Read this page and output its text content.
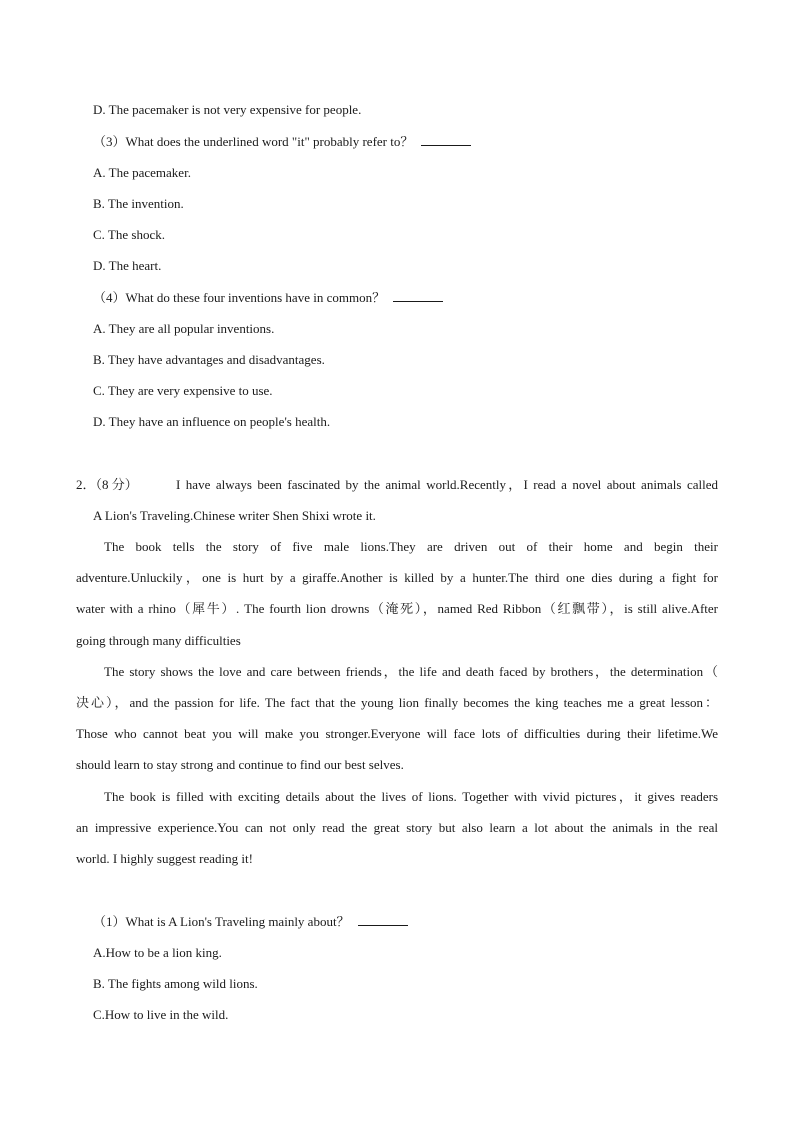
D. The pacemaker is not very expensive for people.
（3）What does the underlined word "it" probably refer to？
A. The pacemaker.
B. The invention.
C. The shock.
D. The heart.
（4）What do these four inventions have in common？
A. They are all popular inventions.
B. They have advantages and disadvantages.
C. They are very expensive to use.
D. They have an influence on people's health.
2．（8 分）	I have always been fascinated by the animal world.Recently，I read a novel about animals called
A Lion's Traveling.Chinese writer Shen Shixi wrote it.
The book tells the story of five male lions.They are driven out of their home and begin their
adventure.Unluckily，one is hurt by a giraffe.Another is killed by a hunter.The third one dies during a fight for
water with a rhino（犀牛）. The fourth lion drowns（淹死），named Red Ribbon（红飘带），is still alive.After
going through many difficulties
The story shows the love and care between friends，the life and death faced by brothers，the determination（
决心），and the passion for life. The fact that the young lion finally becomes the king teaches me a great lesson：
Those who cannot beat you will make you stronger.Everyone will face lots of difficulties during their lifetime.We
should learn to stay strong and continue to find our best selves.
The book is filled with exciting details about the lives of lions. Together with vivid pictures，it gives readers
an impressive experience.You can not only read the great story but also learn a lot about the animals in the real
world. I highly suggest reading it!
（1）What is A Lion's Traveling mainly about？
A.How to be a lion king.
B. The fights among wild lions.
C.How to live in the wild.
